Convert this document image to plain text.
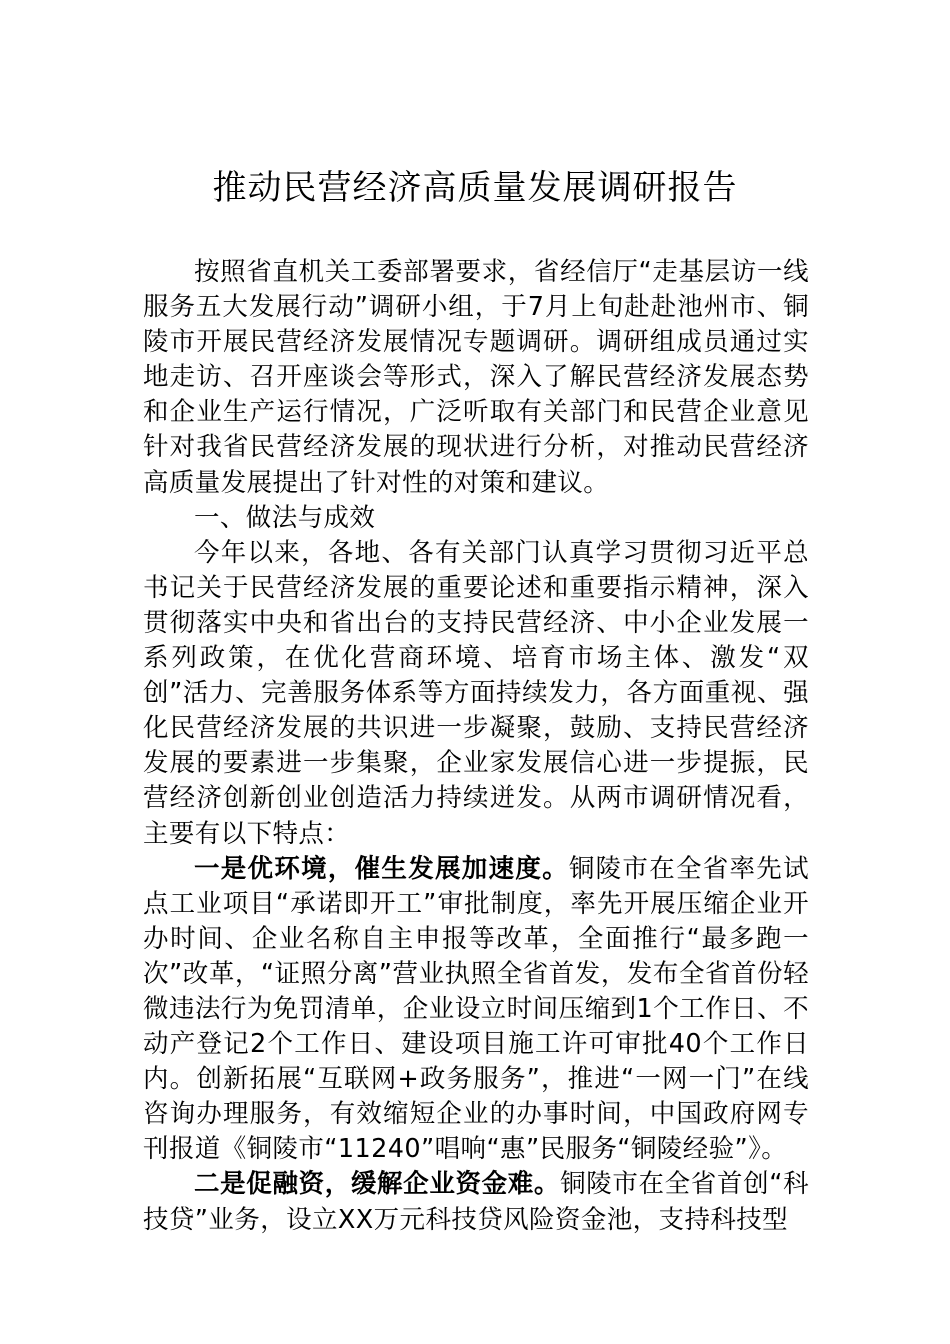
推动民营经济高质量发展调研报告

按照省直机关工委部署要求，省经信厅“走基层访一线服务五大发展行动”调研小组，于7月上旬赴赴池州市、铜陵市开展民营经济发展情况专题调研。调研组成员通过实地走访、召开座谈会等形式，深入了解民营经济发展态势和企业生产运行情况，广泛听取有关部门和民营企业意见针对我省民营经济发展的现状进行分析，对推动民营经济高质量发展提出了针对性的对策和建议。

一、做法与成效

今年以来，各地、各有关部门认真学习贯彻习近平总书记关于民营经济发展的重要论述和重要指示精神，深入贯彻落实中央和省出台的支持民营经济、中小企业发展一系列政策，在优化营商环境、培育市场主体、激发“双创”活力、完善服务体系等方面持续发力，各方面重视、强化民营经济发展的共识进一步凝聚，鼓励、支持民营经济发展的要素进一步集聚，企业家发展信心进一步提振，民营经济创新创业创造活力持续迸发。从两市调研情况看，主要有以下特点：

一是优环境，催生发展加速度。铜陵市在全省率先试点工业项目“承诺即开工”审批制度，率先开展压缩企业开办时间、企业名称自主申报等改革，全面推行“最多跑一次”改革，“证照分离”营业执照全省首发，发布全省首份轻微违法行为免罚清单，企业设立时间压缩到1个工作日、不动产登记2个工作日、建设项目施工许可审批40个工作日内。创新拓展“互联网+政务服务”，推进“一网一门”在线咨询办理服务，有效缩短企业的办事时间，中国政府网专刊报道《铜陵市“11240”唱响“惠”民服务“铜陵经验”》。

二是促融资，缓解企业资金难。铜陵市在全省首创“科技贷”业务，设立XX万元科技贷风险资金池，支持科技型
